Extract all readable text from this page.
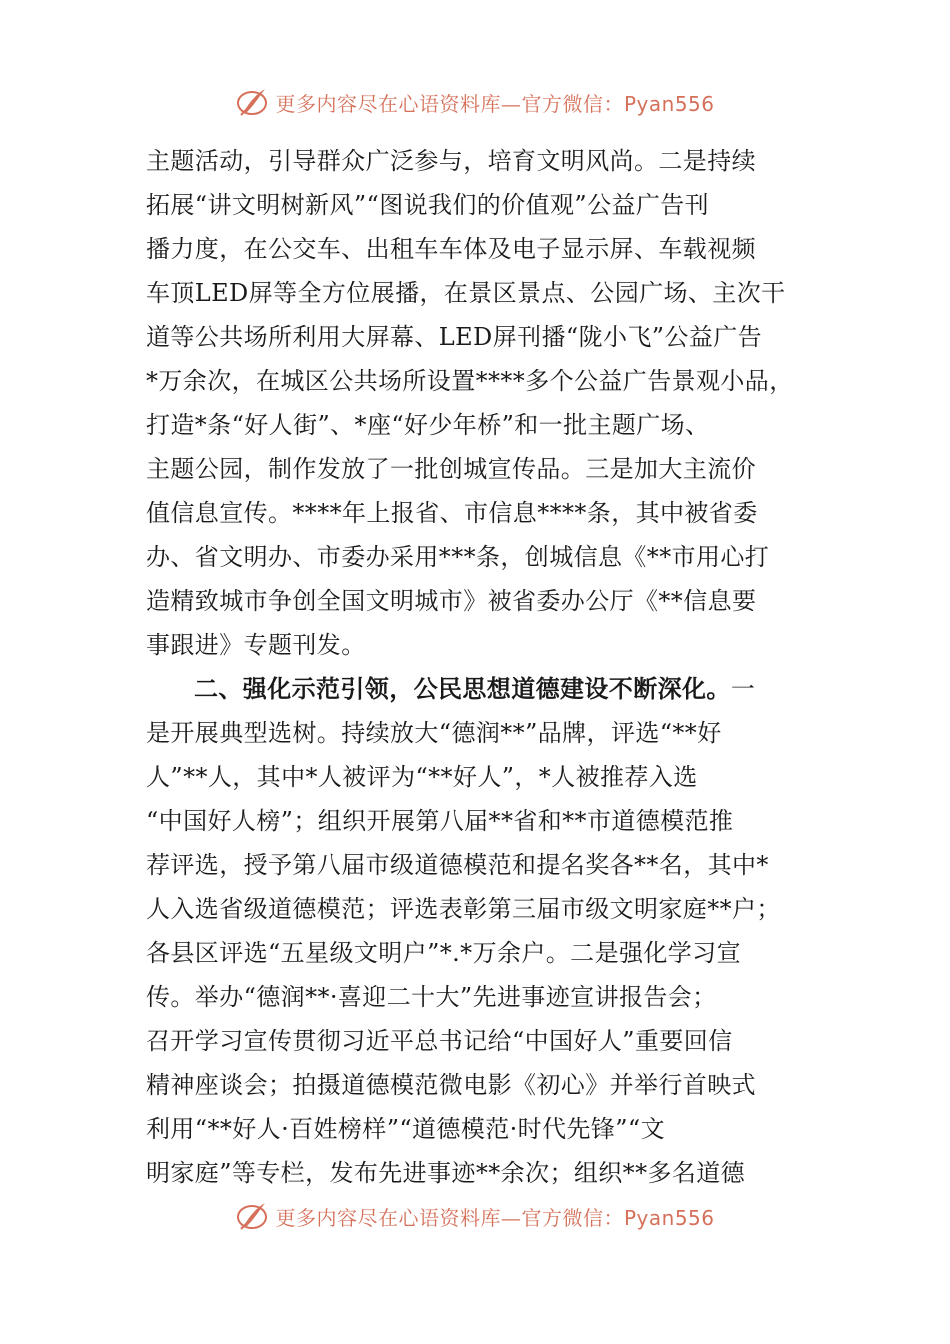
更多内容尽在心语资料库—官方微信：Pyan556
主题活动，引导群众广泛参与，培育文明风尚。二是持续
拓展“讲文明树新风”“图说我们的价值观”公益广告刊
播力度，在公交车、出租车车体及电子显示屏、车载视频
车顶LED屏等全方位展播，在景区景点、公园广场、主次干
道等公共场所利用大屏幕、LED屏刊播“陇小飞”公益广告
*万余次，在城区公共场所设置****多个公益广告景观小品，
打造*条“好人街”、*座“好少年桥”和一批主题广场、
主题公园，制作发放了一批创城宣传品。三是加大主流价
值信息宣传。****年上报省、市信息****条，其中被省委
办、省文明办、市委办采用***条，创城信息《**市用心打
造精致城市争创全国文明城市》被省委办公厅《**信息要
事跟进》专题刊发。
二、强化示范引领，公民思想道德建设不断深化。一
是开展典型选树。持续放大“德润**”品牌，评选“**好
人”**人，其中*人被评为“**好人”，*人被推荐入选
“中国好人榜”；组织开展第八届**省和**市道德模范推
荐评选，授予第八届市级道德模范和提名奖各**名，其中*
人入选省级道德模范；评选表彰第三届市级文明家庭**户；
各县区评选“五星级文明户”*.*万余户。二是强化学习宣
传。举办“德润**·喜迎二十大”先进事迹宣讲报告会；
召开学习宣传贯彻习近平总书记给“中国好人”重要回信
精神座谈会；拍摄道德模范微电影《初心》并举行首映式
利用“**好人·百姓榜样”“道德模范·时代先锋”“文
明家庭”等专栏，发布先进事迹**余次；组织**多名道德
更多内容尽在心语资料库—官方微信：Pyan556
